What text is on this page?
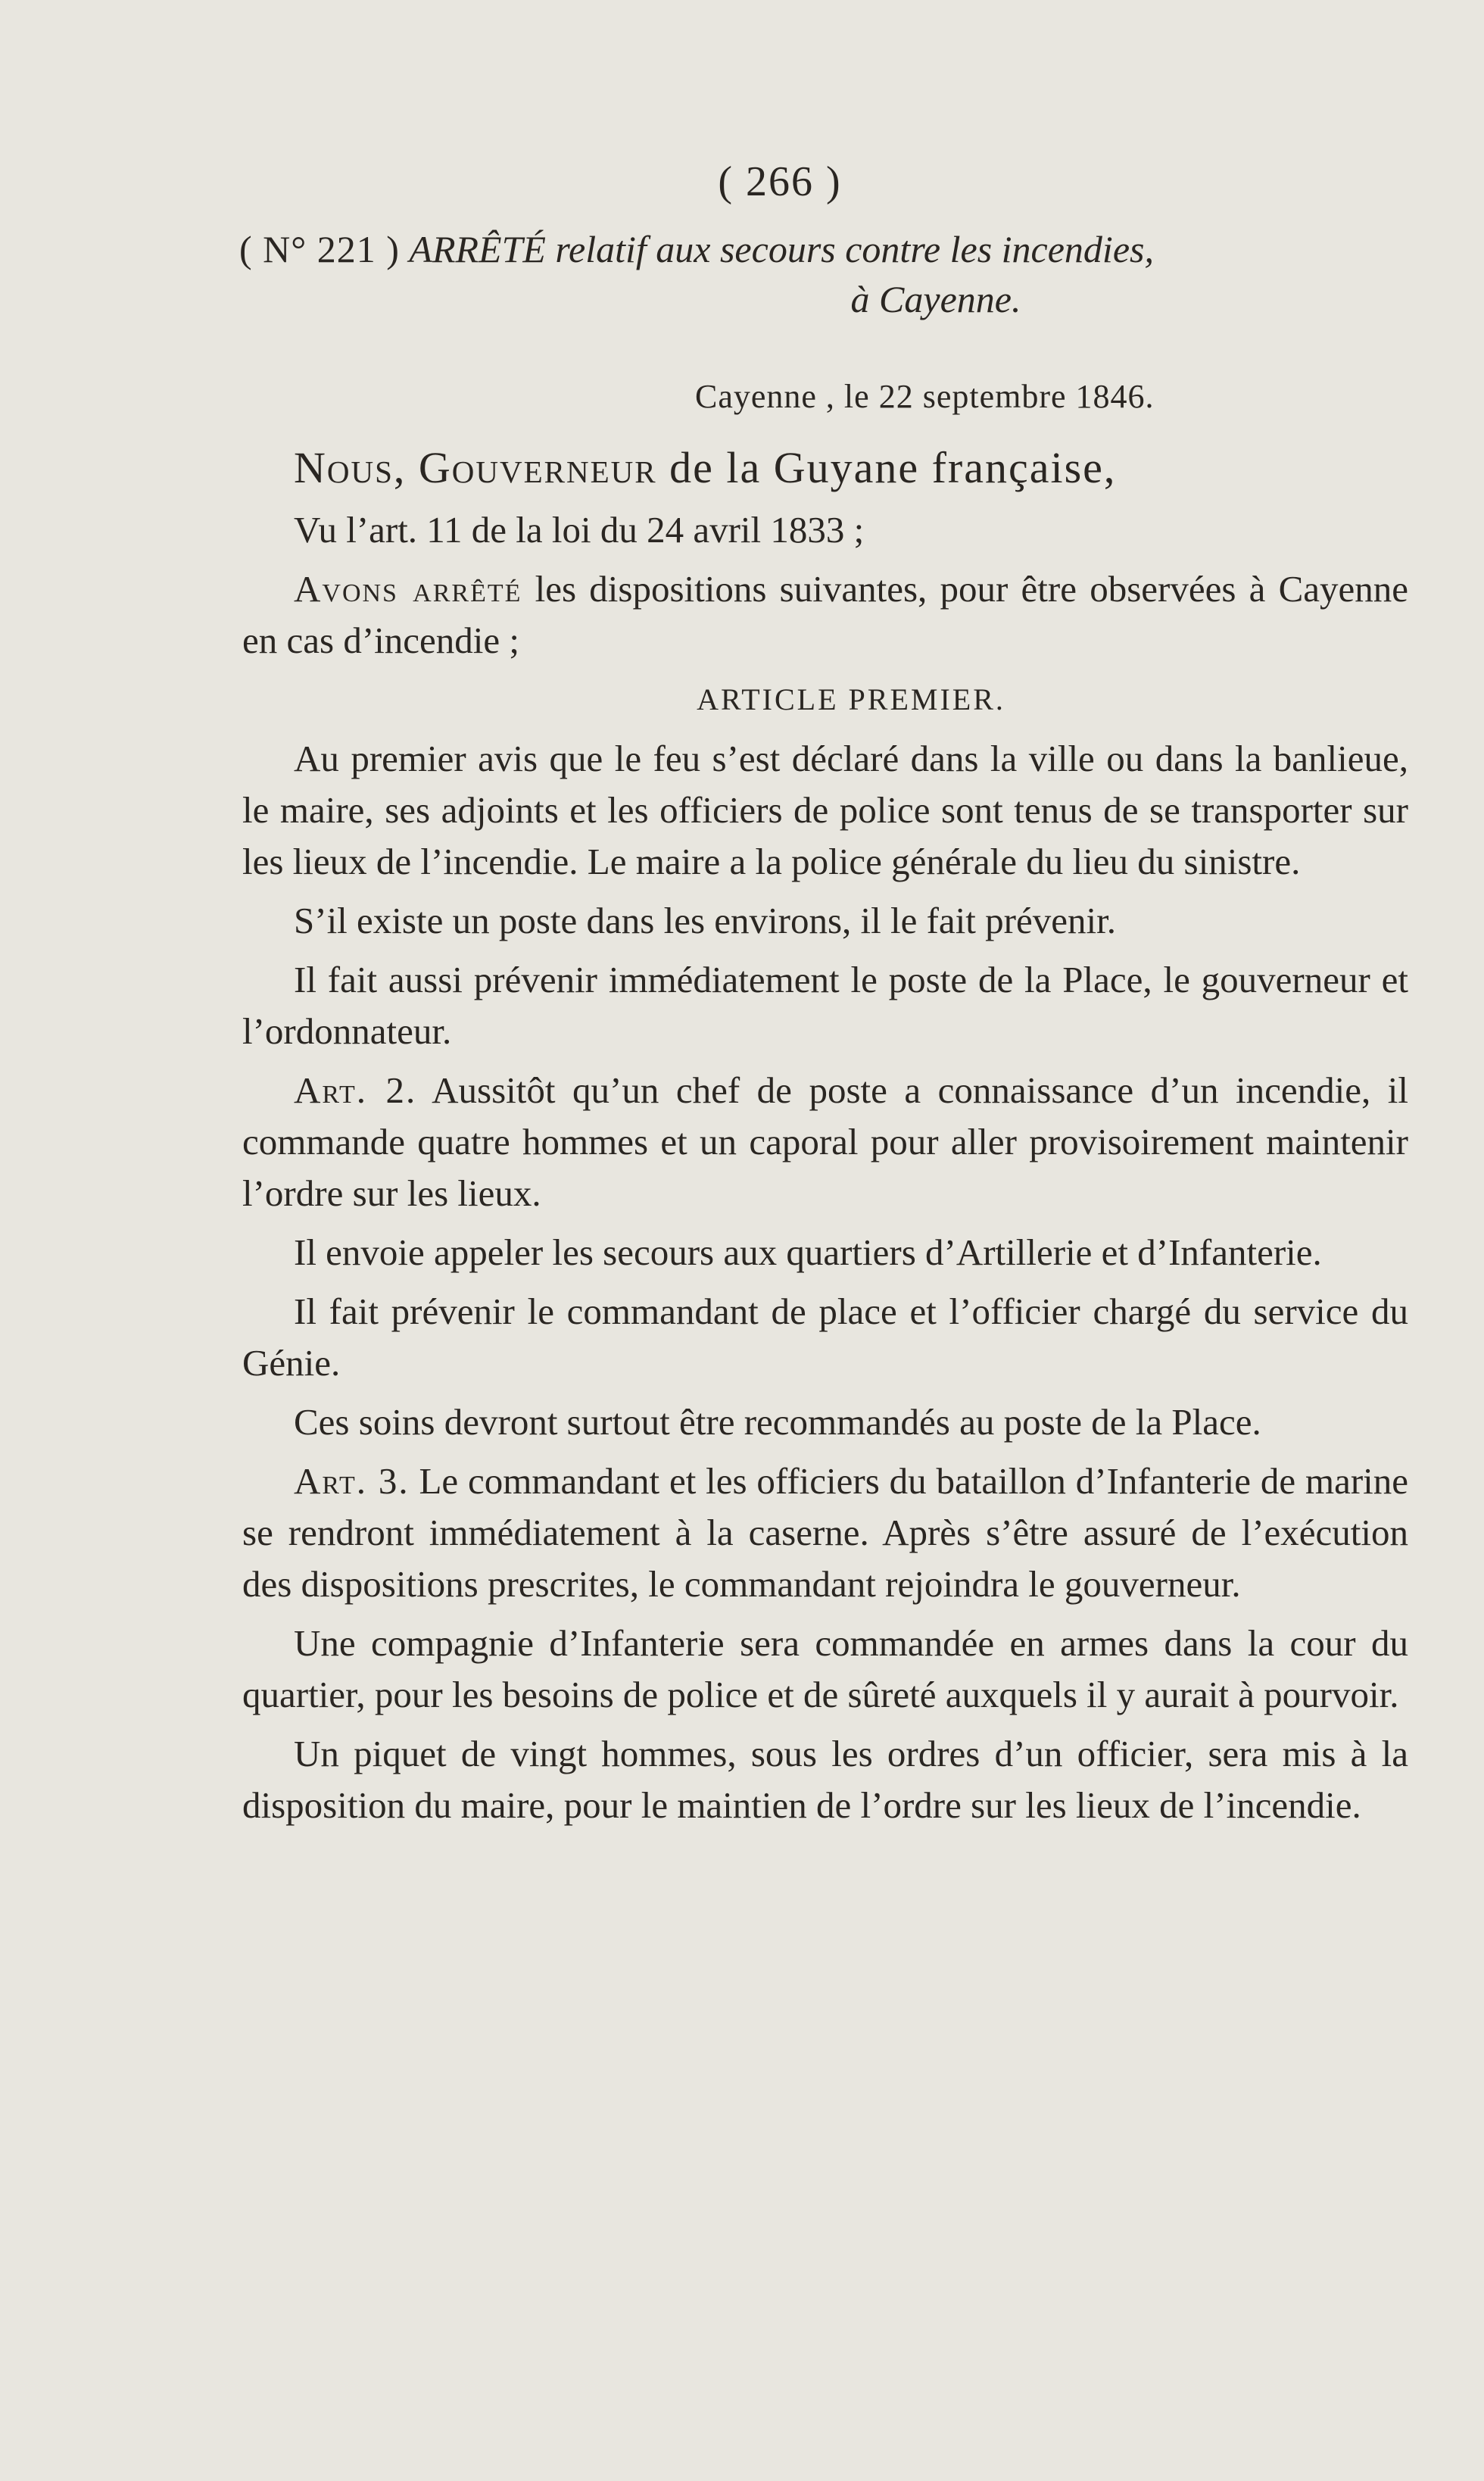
( 266 )
( N° 221 ) ARRÊTÉ relatif aux secours contre les incendies,
à Cayenne.
Cayenne , le 22 septembre 1846.

Nous, Gouverneur de la Guyane française,

Vu l’art. 11 de la loi du 24 avril 1833 ;

Avons arrêté les dispositions suivantes, pour être observées à Cayenne en cas d’incendie ;

ARTICLE PREMIER.

Au premier avis que le feu s’est déclaré dans la ville ou dans la banlieue, le maire, ses adjoints et les officiers de police sont tenus de se transporter sur les lieux de l’incendie. Le maire a la police générale du lieu du sinistre.

S’il existe un poste dans les environs, il le fait prévenir.

Il fait aussi prévenir immédiatement le poste de la Place, le gouverneur et l’ordonnateur.

Art. 2. Aussitôt qu’un chef de poste a connaissance d’un incendie, il commande quatre hommes et un caporal pour aller provisoirement maintenir l’ordre sur les lieux.

Il envoie appeler les secours aux quartiers d’Artillerie et d’Infanterie.

Il fait prévenir le commandant de place et l’officier chargé du service du Génie.

Ces soins devront surtout être recommandés au poste de la Place.

Art. 3. Le commandant et les officiers du bataillon d’Infanterie de marine se rendront immédiatement à la caserne. Après s’être assuré de l’exécution des dispositions prescrites, le commandant rejoindra le gouverneur.

Une compagnie d’Infanterie sera commandée en armes dans la cour du quartier, pour les besoins de police et de sûreté auxquels il y aurait à pourvoir.

Un piquet de vingt hommes, sous les ordres d’un officier, sera mis à la disposition du maire, pour le maintien de l’ordre sur les lieux de l’incendie.
